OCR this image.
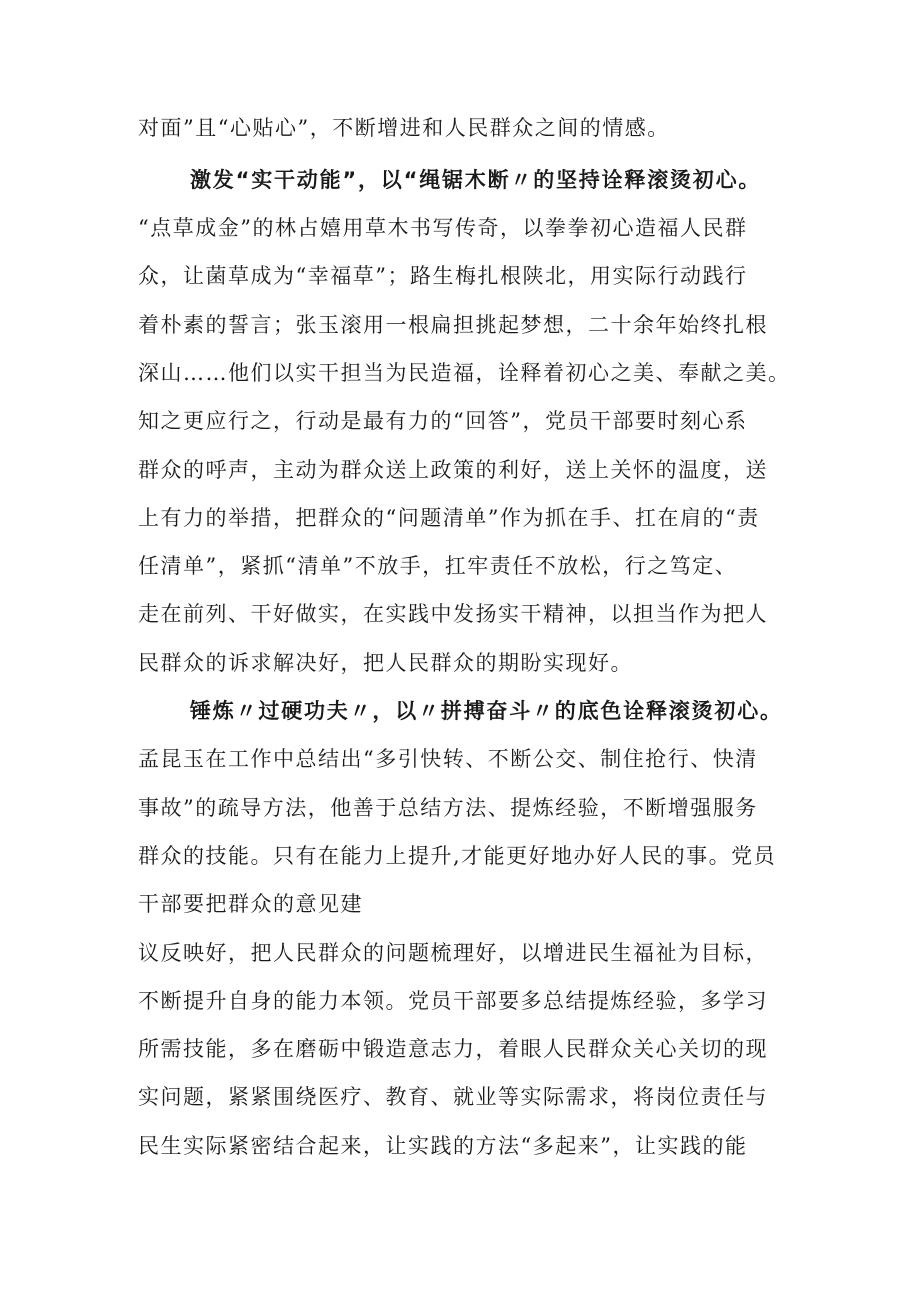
对面”且“心贴心”，不断增进和人民群众之间的情感。
激发“实干动能”，以“绳锯木断〃的坚持诠释滚烫初心。
“点草成金”的林占嬉用草木书写传奇，以拳拳初心造福人民群
众，让菌草成为“幸福草”；路生梅扎根陕北，用实际行动践行
着朴素的誓言；张玉滚用一根扁担挑起梦想，二十余年始终扎根
深山……他们以实干担当为民造福，诠释着初心之美、奉献之美。
知之更应行之，行动是最有力的“回答”，党员干部要时刻心系
群众的呼声，主动为群众送上政策的利好，送上关怀的温度，送
上有力的举措，把群众的“问题清单”作为抓在手、扛在肩的“责
任清单”，紧抓“清单”不放手，扛牢责任不放松，行之笃定、
走在前列、干好做实，在实践中发扬实干精神，以担当作为把人
民群众的诉求解决好，把人民群众的期盼实现好。
锤炼〃过硬功夫〃，以〃拼搏奋斗〃的底色诠释滚烫初心。
孟昆玉在工作中总结出“多引快转、不断公交、制住抢行、快清
事故”的疏导方法，他善于总结方法、提炼经验，不断增强服务
群众的技能。只有在能力上提升,才能更好地办好人民的事。党员
干部要把群众的意见建
议反映好，把人民群众的问题梳理好，以增进民生福祉为目标，
不断提升自身的能力本领。党员干部要多总结提炼经验，多学习
所需技能，多在磨砺中锻造意志力，着眼人民群众关心关切的现
实问题，紧紧围绕医疗、教育、就业等实际需求，将岗位责任与
民生实际紧密结合起来，让实践的方法“多起来”，让实践的能
